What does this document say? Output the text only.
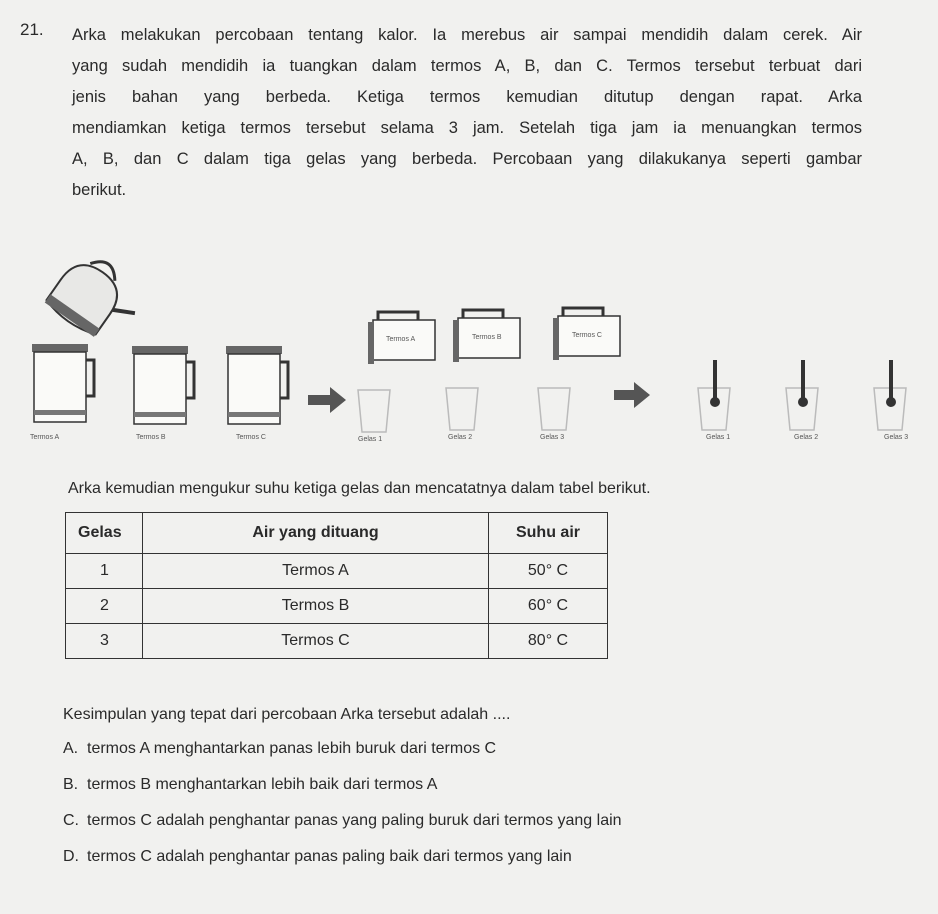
21. Arka melakukan percobaan tentang kalor. Ia merebus air sampai mendidih dalam cerek. Air
yang sudah mendidih ia tuangkan dalam termos A, B, dan C. Termos tersebut terbuat dari
jenis bahan yang berbeda. Ketiga termos kemudian ditutup dengan rapat. Arka
mendiamkan ketiga termos tersebut selama 3 jam. Setelah tiga jam ia menuangkan termos
A, B, dan C dalam tiga gelas yang berbeda. Percobaan yang dilakukanya seperti gambar
berikut.
Termos A	Termos B	Termos C
Termos A	Termos B	Termos C
Gelas 1	Gelas 2	Gelas 3	Gelas 1	Gelas 2	Gelas 3
Arka kemudian mengukur suhu ketiga gelas dan mencatatnya dalam tabel berikut.
Gelas	Air yang dituang	Suhu air
1	Termos A	50° C
2	Termos B	60° C
3	Termos C	80° C
Kesimpulan yang tepat dari percobaan Arka tersebut adalah ....
A. termos A menghantarkan panas lebih buruk dari termos C
B. termos B menghantarkan lebih baik dari termos A
C. termos C adalah penghantar panas yang paling buruk dari termos yang lain
D. termos C adalah penghantar panas paling baik dari termos yang lain
